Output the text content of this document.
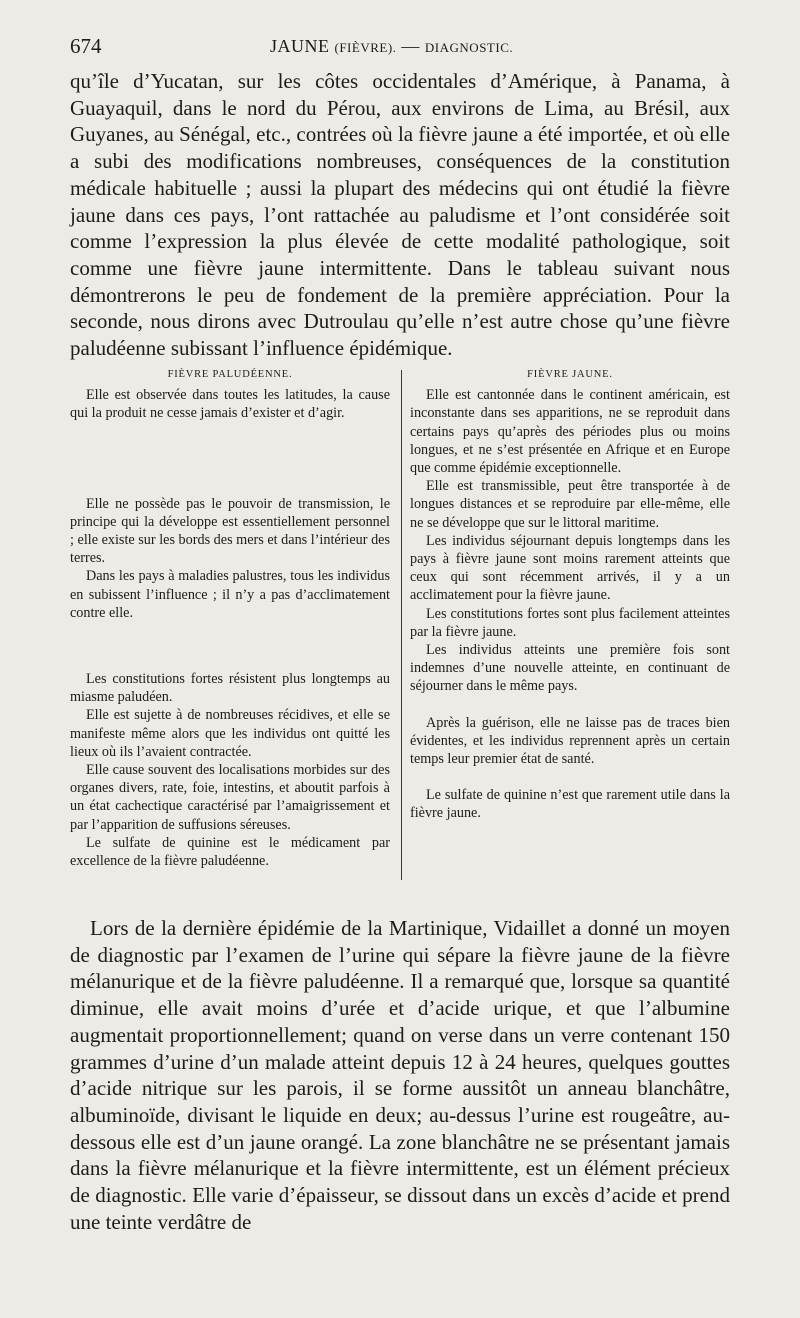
674	JAUNE (FIÈVRE). — DIAGNOSTIC.

qu’île d’Yucatan, sur les côtes occidentales d’Amérique, à Panama, à Guayaquil, dans le nord du Pérou, aux environs de Lima, au Brésil, aux Guyanes, au Sénégal, etc., contrées où la fièvre jaune a été importée, et où elle a subi des modifications nombreuses, conséquences de la constitution médicale habituelle ; aussi la plupart des médecins qui ont étudié la fièvre jaune dans ces pays, l’ont rattachée au paludisme et l’ont considérée soit comme l’expression la plus élevée de cette modalité pathologique, soit comme une fièvre jaune intermittente. Dans le tableau suivant nous démontrerons le peu de fondement de la première appréciation. Pour la seconde, nous dirons avec Dutroulau qu’elle n’est autre chose qu’une fièvre paludéenne subissant l’influence épidémique.

FIÈVRE PALUDÉENNE.

Elle est observée dans toutes les latitudes, la cause qui la produit ne cesse jamais d’exister et d’agir.

Elle ne possède pas le pouvoir de transmission, le principe qui la développe est essentiellement personnel ; elle existe sur les bords des mers et dans l’intérieur des terres.

Dans les pays à maladies palustres, tous les individus en subissent l’influence ; il n’y a pas d’acclimatement contre elle.

Les constitutions fortes résistent plus longtemps au miasme paludéen.

Elle est sujette à de nombreuses récidives, et elle se manifeste même alors que les individus ont quitté les lieux où ils l’avaient contractée.

Elle cause souvent des localisations morbides sur des organes divers, rate, foie, intestins, et aboutit parfois à un état cachectique caractérisé par l’amaigrissement et par l’apparition de suffusions séreuses.

Le sulfate de quinine est le médicament par excellence de la fièvre paludéenne.

FIÈVRE JAUNE.

Elle est cantonnée dans le continent américain, est inconstante dans ses apparitions, ne se reproduit dans certains pays qu’après des périodes plus ou moins longues, et ne s’est présentée en Afrique et en Europe que comme épidémie exceptionnelle.

Elle est transmissible, peut être transportée à de longues distances et se reproduire par elle-même, elle ne se développe que sur le littoral maritime.

Les individus séjournant depuis longtemps dans les pays à fièvre jaune sont moins rarement atteints que ceux qui sont récemment arrivés, il y a un acclimatement pour la fièvre jaune.

Les constitutions fortes sont plus facilement atteintes par la fièvre jaune.

Les individus atteints une première fois sont indemnes d’une nouvelle atteinte, en continuant de séjourner dans le même pays.

Après la guérison, elle ne laisse pas de traces bien évidentes, et les individus reprennent après un certain temps leur premier état de santé.

Le sulfate de quinine n’est que rarement utile dans la fièvre jaune.

Lors de la dernière épidémie de la Martinique, Vidaillet a donné un moyen de diagnostic par l’examen de l’urine qui sépare la fièvre jaune de la fièvre mélanurique et de la fièvre paludéenne. Il a remarqué que, lorsque sa quantité diminue, elle avait moins d’urée et d’acide urique, et que l’albumine augmentait proportionnellement; quand on verse dans un verre contenant 150 grammes d’urine d’un malade atteint depuis 12 à 24 heures, quelques gouttes d’acide nitrique sur les parois, il se forme aussitôt un anneau blanchâtre, albuminoïde, divisant le liquide en deux; au-dessus l’urine est rougeâtre, au-dessous elle est d’un jaune orangé. La zone blanchâtre ne se présentant jamais dans la fièvre mélanurique et la fièvre intermittente, est un élément précieux de diagnostic. Elle varie d’épaisseur, se dissout dans un excès d’acide et prend une teinte verdâtre de
